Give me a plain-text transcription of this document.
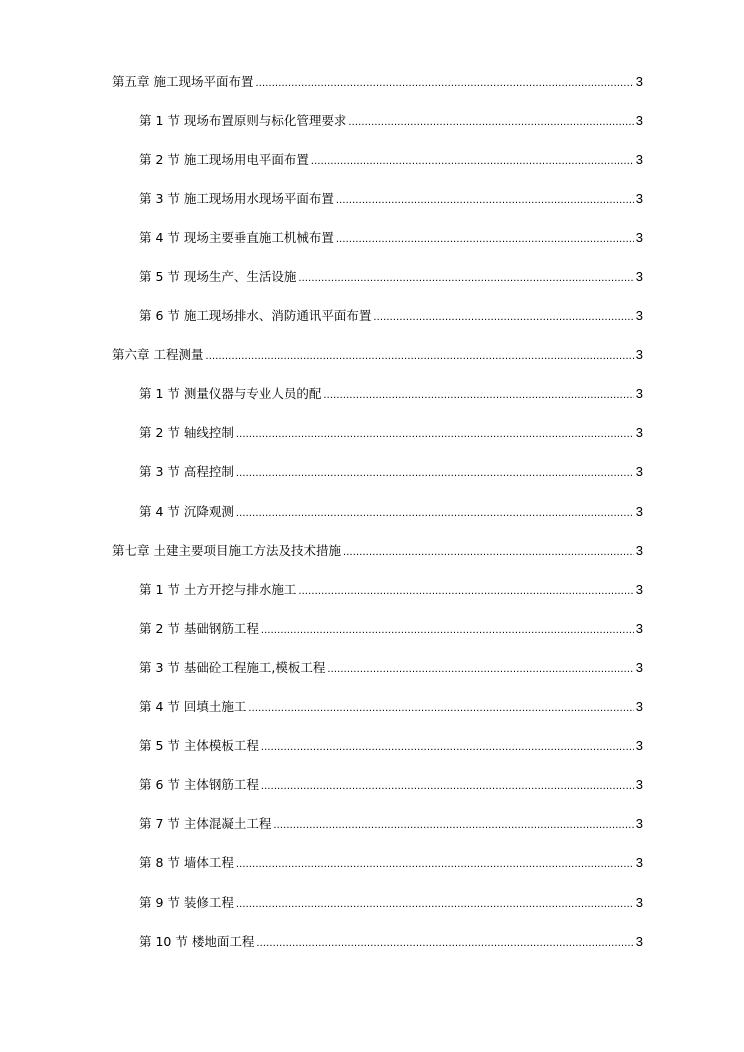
第五章 施工现场平面布置 .....	3
第 1 节 现场布置原则与标化管理要求 .....	3
第 2 节 施工现场用电平面布置 .....	3
第 3 节 施工现场用水现场平面布置 .....	3
第 4 节 现场主要垂直施工机械布置 .....	3
第 5 节 现场生产、生活设施 .....	3
第 6 节 施工现场排水、消防通讯平面布置 .....	3
第六章 工程测量 .....	3
第 1 节 测量仪器与专业人员的配 .....	3
第 2 节 轴线控制 .....	3
第 3 节 高程控制 .....	3
第 4 节 沉降观测 .....	3
第七章 土建主要项目施工方法及技术措施 .....	3
第 1 节 土方开挖与排水施工 .....	3
第 2 节 基础钢筋工程 .....	3
第 3 节 基础砼工程施工,模板工程 .....	3
第 4 节 回填土施工 .....	3
第 5 节 主体模板工程 .....	3
第 6 节 主体钢筋工程 .....	3
第 7 节 主体混凝土工程 .....	3
第 8 节 墙体工程 .....	3
第 9 节 装修工程 .....	3
第 10 节 楼地面工程 .....	3
